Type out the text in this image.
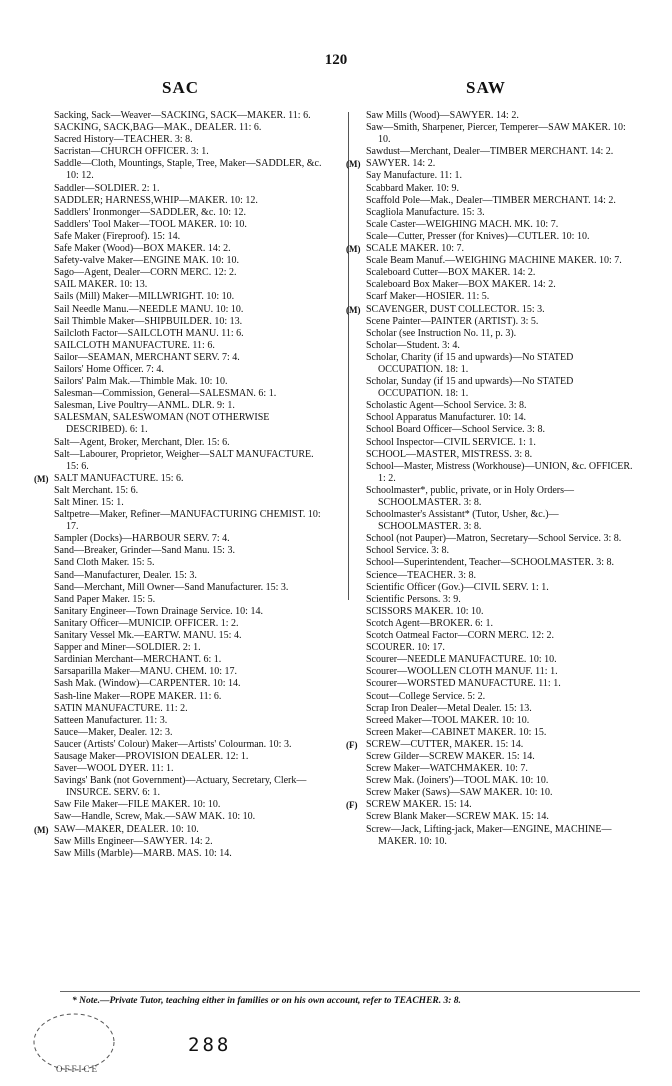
120
SAC	SAW
Sacking, Sack—Weaver—SACKING, SACK—MAKER. 11: 6.
SACKING, SACK,BAG—MAK., DEALER. 11: 6.
Sacred History—TEACHER. 3: 8.
Sacristan—CHURCH OFFICER. 3: 1.
Saddle—Cloth, Mountings, Staple, Tree, Maker—SADDLER, &c. 10: 12.
Saddler—SOLDIER. 2: 1.
SADDLER; HARNESS,WHIP—MAKER. 10: 12.
Saddlers' Ironmonger—SADDLER, &c. 10: 12.
Saddlers' Tool Maker—TOOL MAKER. 10: 10.
Safe Maker (Fireproof). 15: 14.
Safe Maker (Wood)—BOX MAKER. 14: 2.
Safety-valve Maker—ENGINE MAK. 10: 10.
Sago—Agent, Dealer—CORN MERC. 12: 2.
SAIL MAKER. 10: 13.
Sails (Mill) Maker—MILLWRIGHT. 10: 10.
Sail Needle Manu.—NEEDLE MANU. 10: 10.
Sail Thimble Maker—SHIPBUILDER. 10: 13.
Sailcloth Factor—SAILCLOTH MANU. 11: 6.
SAILCLOTH MANUFACTURE. 11: 6.
Sailor—SEAMAN, MERCHANT SERV. 7: 4.
Sailors' Home Officer. 7: 4.
Sailors' Palm Mak.—Thimble Mak. 10: 10.
Salesman—Commission, General—SALESMAN. 6: 1.
Salesman, Live Poultry—ANML. DLR. 9: 1.
SALESMAN, SALESWOMAN (NOT OTHERWISE DESCRIBED). 6: 1.
Salt—Agent, Broker, Merchant, Dler. 15: 6.
Salt—Labourer, Proprietor, Weigher—SALT MANUFACTURE. 15: 6.
(M) SALT MANUFACTURE. 15: 6.
Salt Merchant. 15: 6.
Salt Miner. 15: 1.
Saltpetre—Maker, Refiner—MANUFACTURING CHEMIST. 10: 17.
Sampler (Docks)—HARBOUR SERV. 7: 4.
Sand—Breaker, Grinder—Sand Manu. 15: 3.
Sand Cloth Maker. 15: 5.
Sand—Manufacturer, Dealer. 15: 3.
Sand—Merchant, Mill Owner—Sand Manufacturer. 15: 3.
Sand Paper Maker. 15: 5.
Sanitary Engineer—Town Drainage Service. 10: 14.
Sanitary Officer—MUNICIP. OFFICER. 1: 2.
Sanitary Vessel Mk.—EARTW. MANU. 15: 4.
Sapper and Miner—SOLDIER. 2: 1.
Sardinian Merchant—MERCHANT. 6: 1.
Sarsaparilla Maker—MANU. CHEM. 10: 17.
Sash Mak. (Window)—CARPENTER. 10: 14.
Sash-line Maker—ROPE MAKER. 11: 6.
SATIN MANUFACTURE. 11: 2.
Satteen Manufacturer. 11: 3.
Sauce—Maker, Dealer. 12: 3.
Saucer (Artists' Colour) Maker—Artists' Colourman. 10: 3.
Sausage Maker—PROVISION DEALER. 12: 1.
Saver—WOOL DYER. 11: 1.
Savings' Bank (not Government)—Actuary, Secretary, Clerk—INSURCE. SERV. 6: 1.
Saw File Maker—FILE MAKER. 10: 10.
Saw—Handle, Screw, Mak.—SAW MAK. 10: 10.
(M) SAW—MAKER, DEALER. 10: 10.
Saw Mills Engineer—SAWYER. 14: 2.
Saw Mills (Marble)—MARB. MAS. 10: 14.
Saw Mills (Wood)—SAWYER. 14: 2.
Saw—Smith, Sharpener, Piercer, Temperer—SAW MAKER. 10: 10.
Sawdust—Merchant, Dealer—TIMBER MERCHANT. 14: 2.
(M) SAWYER. 14: 2.
Say Manufacture. 11: 1.
Scabbard Maker. 10: 9.
Scaffold Pole—Mak., Dealer—TIMBER MERCHANT. 14: 2.
Scagliola Manufacture. 15: 3.
Scale Caster—WEIGHING MACH. MK. 10: 7.
Scale—Cutter, Presser (for Knives)—CUTLER. 10: 10.
(M) SCALE MAKER. 10: 7.
Scale Beam Manuf.—WEIGHING MACHINE MAKER. 10: 7.
Scaleboard Cutter—BOX MAKER. 14: 2.
Scaleboard Box Maker—BOX MAKER. 14: 2.
Scarf Maker—HOSIER. 11: 5.
(M) SCAVENGER, DUST COLLECTOR. 15: 3.
Scene Painter—PAINTER (ARTIST). 3: 5.
Scholar (see Instruction No. 11, p. 3).
Scholar—Student. 3: 4.
Scholar, Charity (if 15 and upwards)—No STATED OCCUPATION. 18: 1.
Scholar, Sunday (if 15 and upwards)—No STATED OCCUPATION. 18: 1.
Scholastic Agent—School Service. 3: 8.
School Apparatus Manufacturer. 10: 14.
School Board Officer—School Service. 3: 8.
School Inspector—CIVIL SERVICE. 1: 1.
SCHOOL—MASTER, MISTRESS. 3: 8.
School—Master, Mistress (Workhouse)—UNION, &c. OFFICER. 1: 2.
Schoolmaster*, public, private, or in Holy Orders—SCHOOLMASTER. 3: 8.
Schoolmaster's Assistant* (Tutor, Usher, &c.)—SCHOOLMASTER. 3: 8.
School (not Pauper)—Matron, Secretary—School Service. 3: 8.
School Service. 3: 8.
School—Superintendent, Teacher—SCHOOLMASTER. 3: 8.
Science—TEACHER. 3: 8.
Scientific Officer (Gov.)—CIVIL SERV. 1: 1.
Scientific Persons. 3: 9.
SCISSORS MAKER. 10: 10.
Scotch Agent—BROKER. 6: 1.
Scotch Oatmeal Factor—CORN MERC. 12: 2.
SCOURER. 10: 17.
Scourer—NEEDLE MANUFACTURE. 10: 10.
Scourer—WOOLLEN CLOTH MANUF. 11: 1.
Scourer—WORSTED MANUFACTURE. 11: 1.
Scout—College Service. 5: 2.
Scrap Iron Dealer—Metal Dealer. 15: 13.
Screed Maker—TOOL MAKER. 10: 10.
Screen Maker—CABINET MAKER. 10: 15.
(F) SCREW—CUTTER, MAKER. 15: 14.
Screw Gilder—SCREW MAKER. 15: 14.
Screw Maker—WATCHMAKER. 10: 7.
Screw Mak. (Joiners')—TOOL MAK. 10: 10.
Screw Maker (Saws)—SAW MAKER. 10: 10.
(F) SCREW MAKER. 15: 14.
Screw Blank Maker—SCREW MAK. 15: 14.
Screw—Jack, Lifting-jack, Maker—ENGINE, MACHINE—MAKER. 10: 10.
* Note.—Private Tutor, teaching either in families or on his own account, refer to TEACHER. 3: 8.
OFFICE
288
